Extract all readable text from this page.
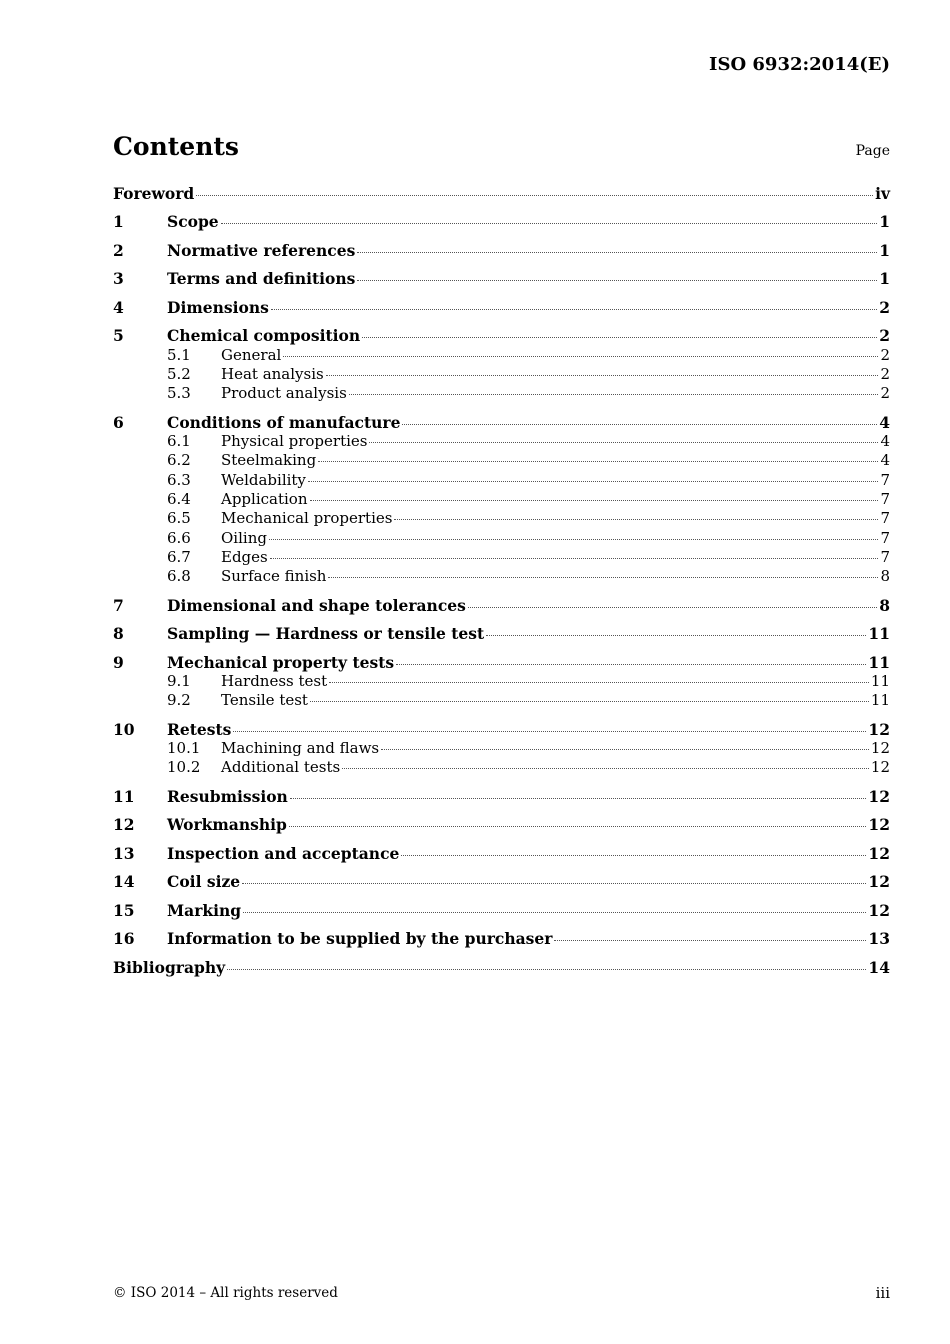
ISO 6932:2014(E)
Contents	Page
Foreword	iv
1	Scope	1
2	Normative references	1
3	Terms and definitions	1
4	Dimensions	2
5	Chemical composition	2
5.1	General	2
5.2	Heat analysis	2
5.3	Product analysis	2
6	Conditions of manufacture	4
6.1	Physical properties	4
6.2	Steelmaking	4
6.3	Weldability	7
6.4	Application	7
6.5	Mechanical properties	7
6.6	Oiling	7
6.7	Edges	7
6.8	Surface finish	8
7	Dimensional and shape tolerances	8
8	Sampling — Hardness or tensile test	11
9	Mechanical property tests	11
9.1	Hardness test	11
9.2	Tensile test	11
10	Retests	12
10.1	Machining and flaws	12
10.2	Additional tests	12
11	Resubmission	12
12	Workmanship	12
13	Inspection and acceptance	12
14	Coil size	12
15	Marking	12
16	Information to be supplied by the purchaser	13
Bibliography	14
© ISO 2014 – All rights reserved	iii
